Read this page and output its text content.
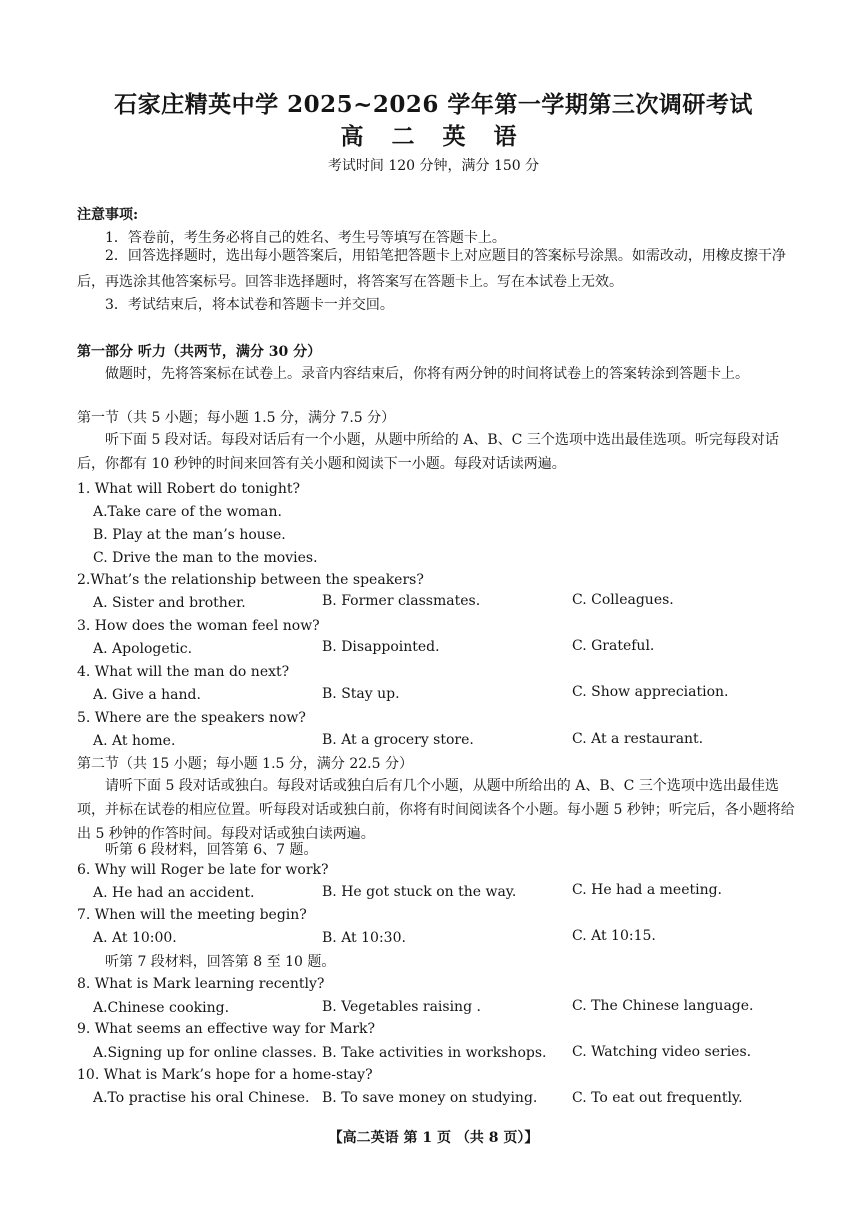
石家庄精英中学 2025~2026 学年第一学期第三次调研考试
高 二 英 语
考试时间 120 分钟，满分 150 分
注意事项:
1．答卷前，考生务必将自己的姓名、考生号等填写在答题卡上。
2．回答选择题时，选出每小题答案后，用铅笔把答题卡上对应题目的答案标号涂黑。如需改动，用橡皮擦干净后，再选涂其他答案标号。回答非选择题时，将答案写在答题卡上。写在本试卷上无效。
3．考试结束后，将本试卷和答题卡一并交回。
第一部分 听力（共两节，满分 30 分）
做题时，先将答案标在试卷上。录音内容结束后，你将有两分钟的时间将试卷上的答案转涂到答题卡上。
第一节（共 5 小题；每小题 1.5 分，满分 7.5 分）
听下面 5 段对话。每段对话后有一个小题，从题中所给的 A、B、C 三个选项中选出最佳选项。听完每段对话后，你都有 10 秒钟的时间来回答有关小题和阅读下一小题。每段对话读两遍。
1. What will Robert do tonight?
A.Take care of the woman.
B. Play at the man’s house.
C. Drive the man to the movies.
2.What’s the relationship between the speakers?
A. Sister and brother.	B. Former classmates.	C. Colleagues.
3. How does the woman feel now?
A. Apologetic.	B. Disappointed.	C. Grateful.
4. What will the man do next?
A. Give a hand.	B. Stay up.	C. Show appreciation.
5. Where are the speakers now?
A. At home.	B. At a grocery store.	C. At a restaurant.
第二节（共 15 小题；每小题 1.5 分，满分 22.5 分）
请听下面 5 段对话或独白。每段对话或独白后有几个小题，从题中所给出的 A、B、C 三个选项中选出最佳选项，并标在试卷的相应位置。听每段对话或独白前，你将有时间阅读各个小题。每小题 5 秒钟；听完后，各小题将给出 5 秒钟的作答时间。每段对话或独白读两遍。
听第 6 段材料，回答第 6、7 题。
6. Why will Roger be late for work?
A. He had an accident.	B. He got stuck on the way.	C. He had a meeting.
7. When will the meeting begin?
A. At 10:00.	B. At 10:30.	C. At 10:15.
听第 7 段材料，回答第 8 至 10 题。
8. What is Mark learning recently?
A.Chinese cooking.	B. Vegetables raising .	C. The Chinese language.
9. What seems an effective way for Mark?
A.Signing up for online classes. B. Take activities in workshops. C. Watching video series.
10. What is Mark’s hope for a home-stay?
A.To practise his oral Chinese. B. To save money on studying. C. To eat out frequently.
【高二英语 第 1 页 （共 8 页）】
